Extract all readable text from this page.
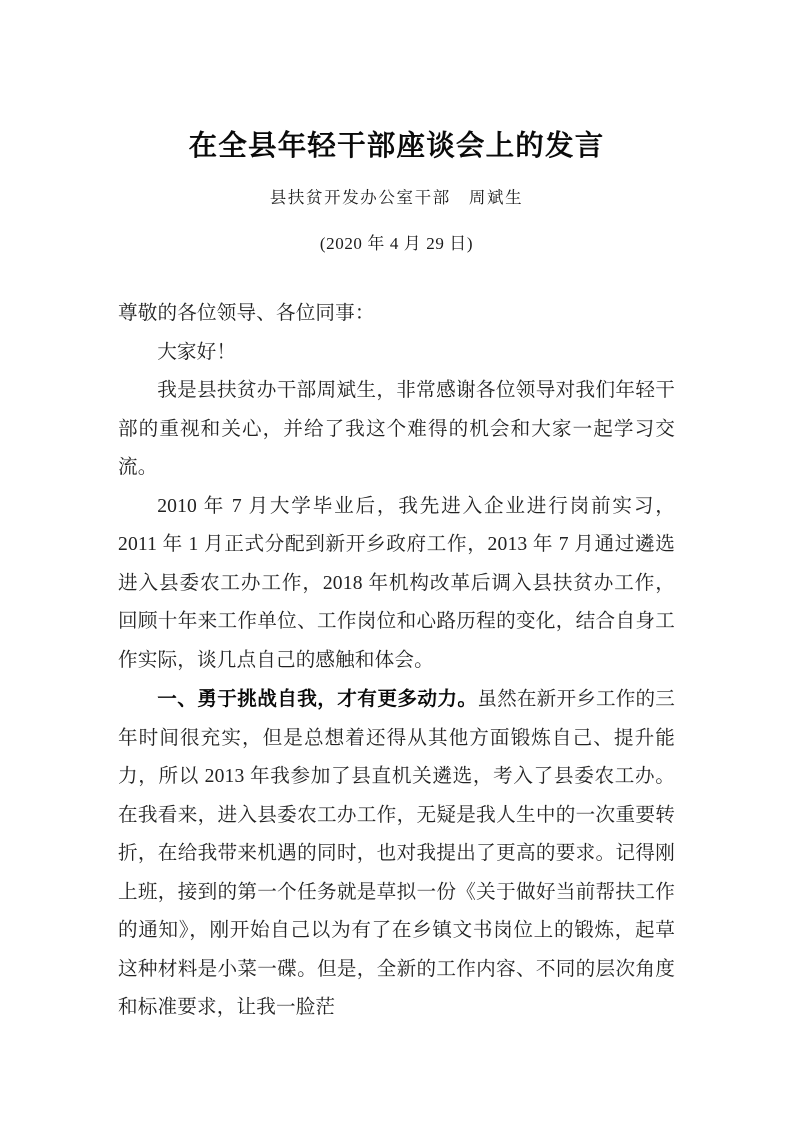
在全县年轻干部座谈会上的发言

县扶贫开发办公室干部　周斌生

(2020 年 4 月 29 日)

尊敬的各位领导、各位同事：

大家好！

我是县扶贫办干部周斌生，非常感谢各位领导对我们年轻干部的重视和关心，并给了我这个难得的机会和大家一起学习交流。

2010 年 7 月大学毕业后，我先进入企业进行岗前实习，2011 年 1 月正式分配到新开乡政府工作，2013 年 7 月通过遴选进入县委农工办工作，2018 年机构改革后调入县扶贫办工作，回顾十年来工作单位、工作岗位和心路历程的变化，结合自身工作实际，谈几点自己的感触和体会。

一、勇于挑战自我，才有更多动力。虽然在新开乡工作的三年时间很充实，但是总想着还得从其他方面锻炼自己、提升能力，所以 2013 年我参加了县直机关遴选，考入了县委农工办。在我看来，进入县委农工办工作，无疑是我人生中的一次重要转折，在给我带来机遇的同时，也对我提出了更高的要求。记得刚上班，接到的第一个任务就是草拟一份《关于做好当前帮扶工作的通知》，刚开始自己以为有了在乡镇文书岗位上的锻炼，起草这种材料是小菜一碟。但是，全新的工作内容、不同的层次角度和标准要求，让我一脸茫
